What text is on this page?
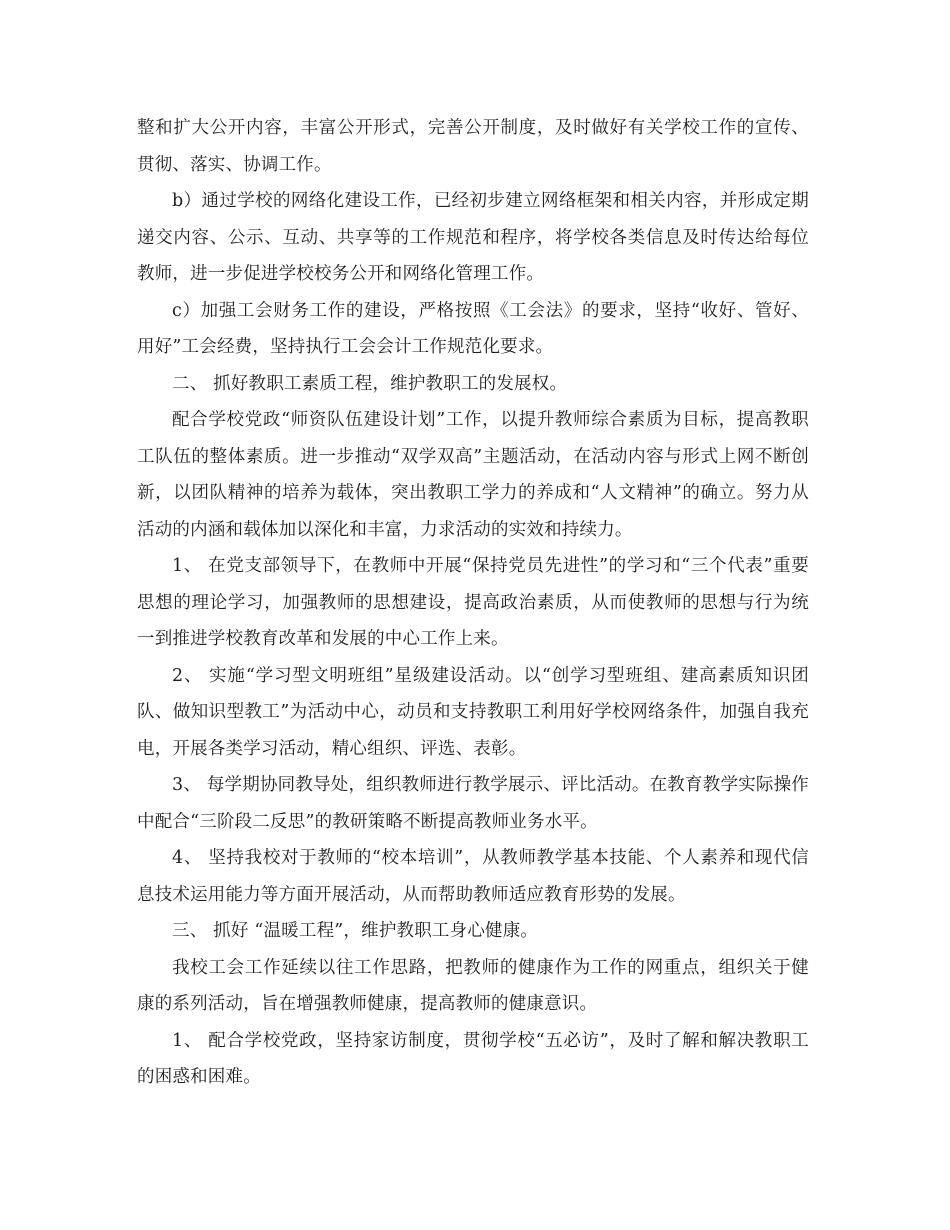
整和扩大公开内容，丰富公开形式，完善公开制度，及时做好有关学校工作的宣传、贯彻、落实、协调工作。

b）通过学校的网络化建设工作，已经初步建立网络框架和相关内容，并形成定期递交内容、公示、互动、共享等的工作规范和程序，将学校各类信息及时传达给每位教师，进一步促进学校校务公开和网络化管理工作。

c）加强工会财务工作的建设，严格按照《工会法》的要求，坚持“收好、管好、用好”工会经费，坚持执行工会会计工作规范化要求。

二、 抓好教职工素质工程，维护教职工的发展权。

配合学校党政“师资队伍建设计划”工作，以提升教师综合素质为目标，提高教职工队伍的整体素质。进一步推动“双学双高”主题活动，在活动内容与形式上网不断创新，以团队精神的培养为载体，突出教职工学力的养成和“人文精神”的确立。努力从活动的内涵和载体加以深化和丰富，力求活动的实效和持续力。

1、 在党支部领导下，在教师中开展“保持党员先进性”的学习和“三个代表”重要思想的理论学习，加强教师的思想建设，提高政治素质，从而使教师的思想与行为统一到推进学校教育改革和发展的中心工作上来。

2、 实施“学习型文明班组”星级建设活动。以“创学习型班组、建高素质知识团队、做知识型教工”为活动中心，动员和支持教职工利用好学校网络条件，加强自我充电，开展各类学习活动，精心组织、评选、表彰。

3、 每学期协同教导处，组织教师进行教学展示、评比活动。在教育教学实际操作中配合“三阶段二反思”的教研策略不断提高教师业务水平。

4、 坚持我校对于教师的“校本培训”，从教师教学基本技能、个人素养和现代信息技术运用能力等方面开展活动，从而帮助教师适应教育形势的发展。

三、 抓好 “温暖工程”，维护教职工身心健康。

我校工会工作延续以往工作思路，把教师的健康作为工作的网重点，组织关于健康的系列活动，旨在增强教师健康，提高教师的健康意识。

1、 配合学校党政，坚持家访制度，贯彻学校“五必访”，及时了解和解决教职工的困惑和困难。
